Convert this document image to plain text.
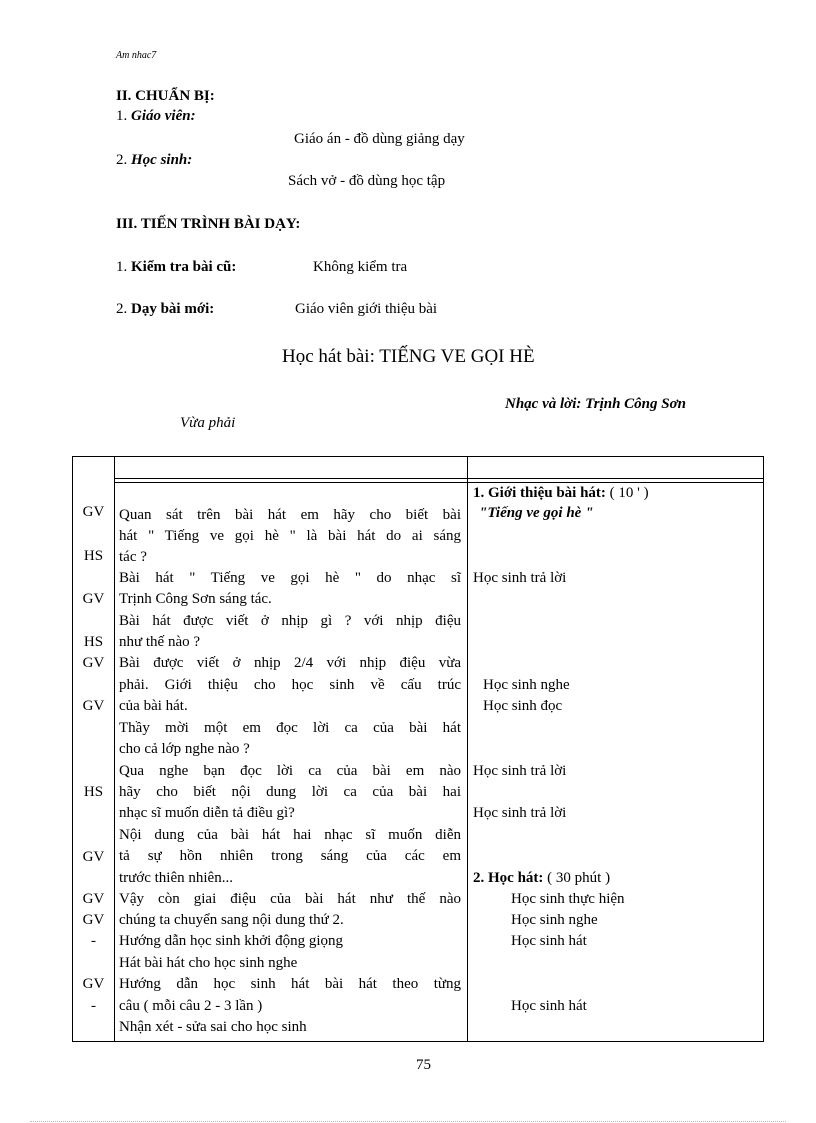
Am nhac7
II. CHUẨN BỊ:
1. Giáo viên:
Giáo án - đồ dùng giảng dạy
2. Học sinh:
Sách vở - đồ dùng học tập
III. TIẾN TRÌNH BÀI DẠY:
1. Kiểm tra bài cũ:	Không kiểm tra
2. Dạy bài mới:	Giáo viên giới thiệu bài
Học hát bài: TIẾNG VE GỌI HÈ
Nhạc và lời: Trịnh Công Sơn
Vừa phải
GV
HS
GV
HS
GV
GV
HS
GV
GV
GV
-
GV
-
Quan sát trên bài hát em hãy cho biết bài
hát " Tiếng ve gọi hè " là bài hát do ai sáng
tác ?
Bài hát " Tiếng ve gọi hè " do nhạc sĩ
Trịnh Công Sơn sáng tác.
Bài hát được viết ở nhịp gì ? với nhịp điệu
như thế nào ?
Bài được viết ở nhịp 2/4 với nhịp điệu vừa
phải. Giới thiệu cho học sinh về cấu trúc
của bài hát.
Thầy mời một em đọc lời ca của bài hát
cho cả lớp nghe nào ?
Qua nghe bạn đọc lời ca của bài em nào
hãy cho biết nội dung lời ca của bài hai
nhạc sĩ muốn diễn tả điều gì?
Nội dung của bài hát hai nhạc sĩ muốn diễn
tả sự hồn nhiên trong sáng của các em
trước thiên nhiên...
Vậy còn giai điệu của bài hát như thế nào
chúng ta chuyển sang nội dung thứ 2.
Hướng dẫn học sinh khởi động giọng
Hát bài hát cho học sinh nghe
Hướng dẫn học sinh hát bài hát theo từng
câu ( mỗi câu 2 - 3 lần )
Nhận xét - sửa sai cho học sinh
1. Giới thiệu bài hát: ( 10 ' )
"Tiếng ve gọi hè "
Học sinh trả lời
Học sinh nghe
Học sinh đọc
Học sinh trả lời
Học sinh trả lời
2. Học hát: ( 30 phút )
Học sinh thực hiện
Học sinh nghe
Học sinh hát
Học sinh hát
75
